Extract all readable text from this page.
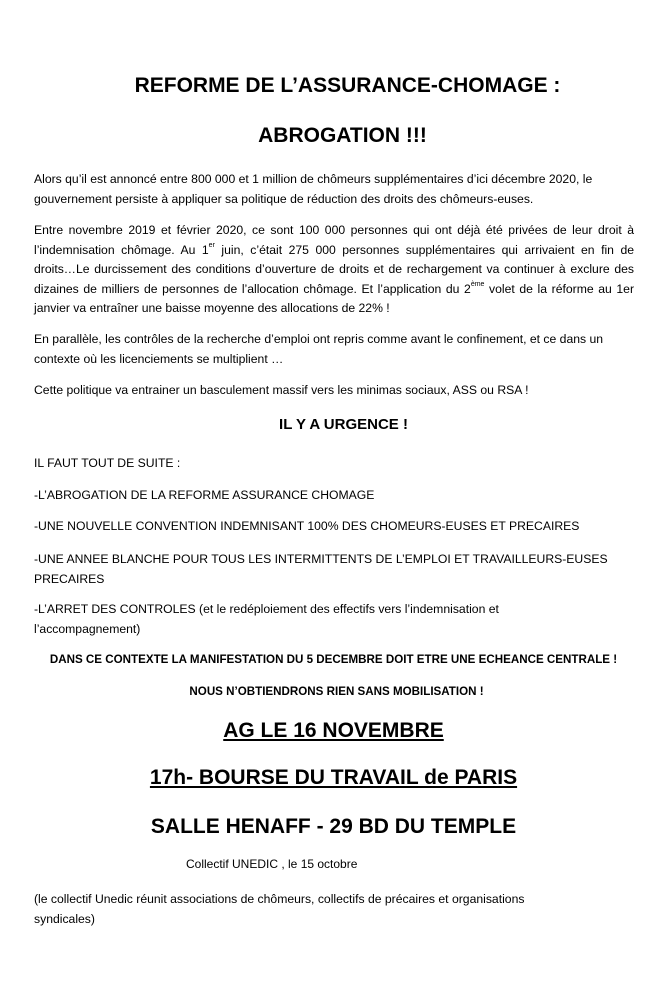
REFORME DE L’ASSURANCE-CHOMAGE :
ABROGATION !!!
Alors qu’il est annoncé entre 800 000 et 1 million de chômeurs supplémentaires d’ici décembre 2020, le gouvernement persiste à appliquer sa politique de réduction des droits des chômeurs-euses.
Entre novembre 2019 et février 2020, ce sont 100 000 personnes qui ont déjà été privées de leur droit à l’indemnisation chômage. Au 1er juin, c’était 275 000 personnes supplémentaires qui arrivaient en fin de droits…Le durcissement des conditions d’ouverture de droits et de rechargement va continuer à exclure des dizaines de milliers de personnes de l’allocation chômage. Et l’application du 2ème volet de la réforme au 1er janvier va entraîner une baisse moyenne des allocations de 22% !
En parallèle, les contrôles de la recherche d’emploi ont repris comme avant le confinement, et ce dans un contexte où les licenciements se multiplient …
Cette politique va entrainer un basculement massif vers les minimas sociaux, ASS ou RSA !
IL Y A URGENCE !
IL FAUT TOUT DE SUITE :
-L’ABROGATION DE LA REFORME ASSURANCE CHOMAGE
-UNE NOUVELLE CONVENTION INDEMNISANT 100% DES CHOMEURS-EUSES ET PRECAIRES
-UNE ANNEE BLANCHE POUR TOUS LES INTERMITTENTS DE L’EMPLOI ET TRAVAILLEURS-EUSES PRECAIRES
-L’ARRET DES CONTROLES (et le redéploiement des effectifs vers l’indemnisation et l’accompagnement)
DANS CE CONTEXTE LA MANIFESTATION DU 5 DECEMBRE DOIT ETRE UNE ECHEANCE CENTRALE !
NOUS N’OBTIENDRONS RIEN SANS MOBILISATION !
AG LE 16 NOVEMBRE
17h- BOURSE DU TRAVAIL de PARIS
SALLE HENAFF - 29 BD DU TEMPLE
Collectif UNEDIC , le 15 octobre
(le collectif Unedic réunit associations de chômeurs, collectifs de précaires et organisations syndicales)
